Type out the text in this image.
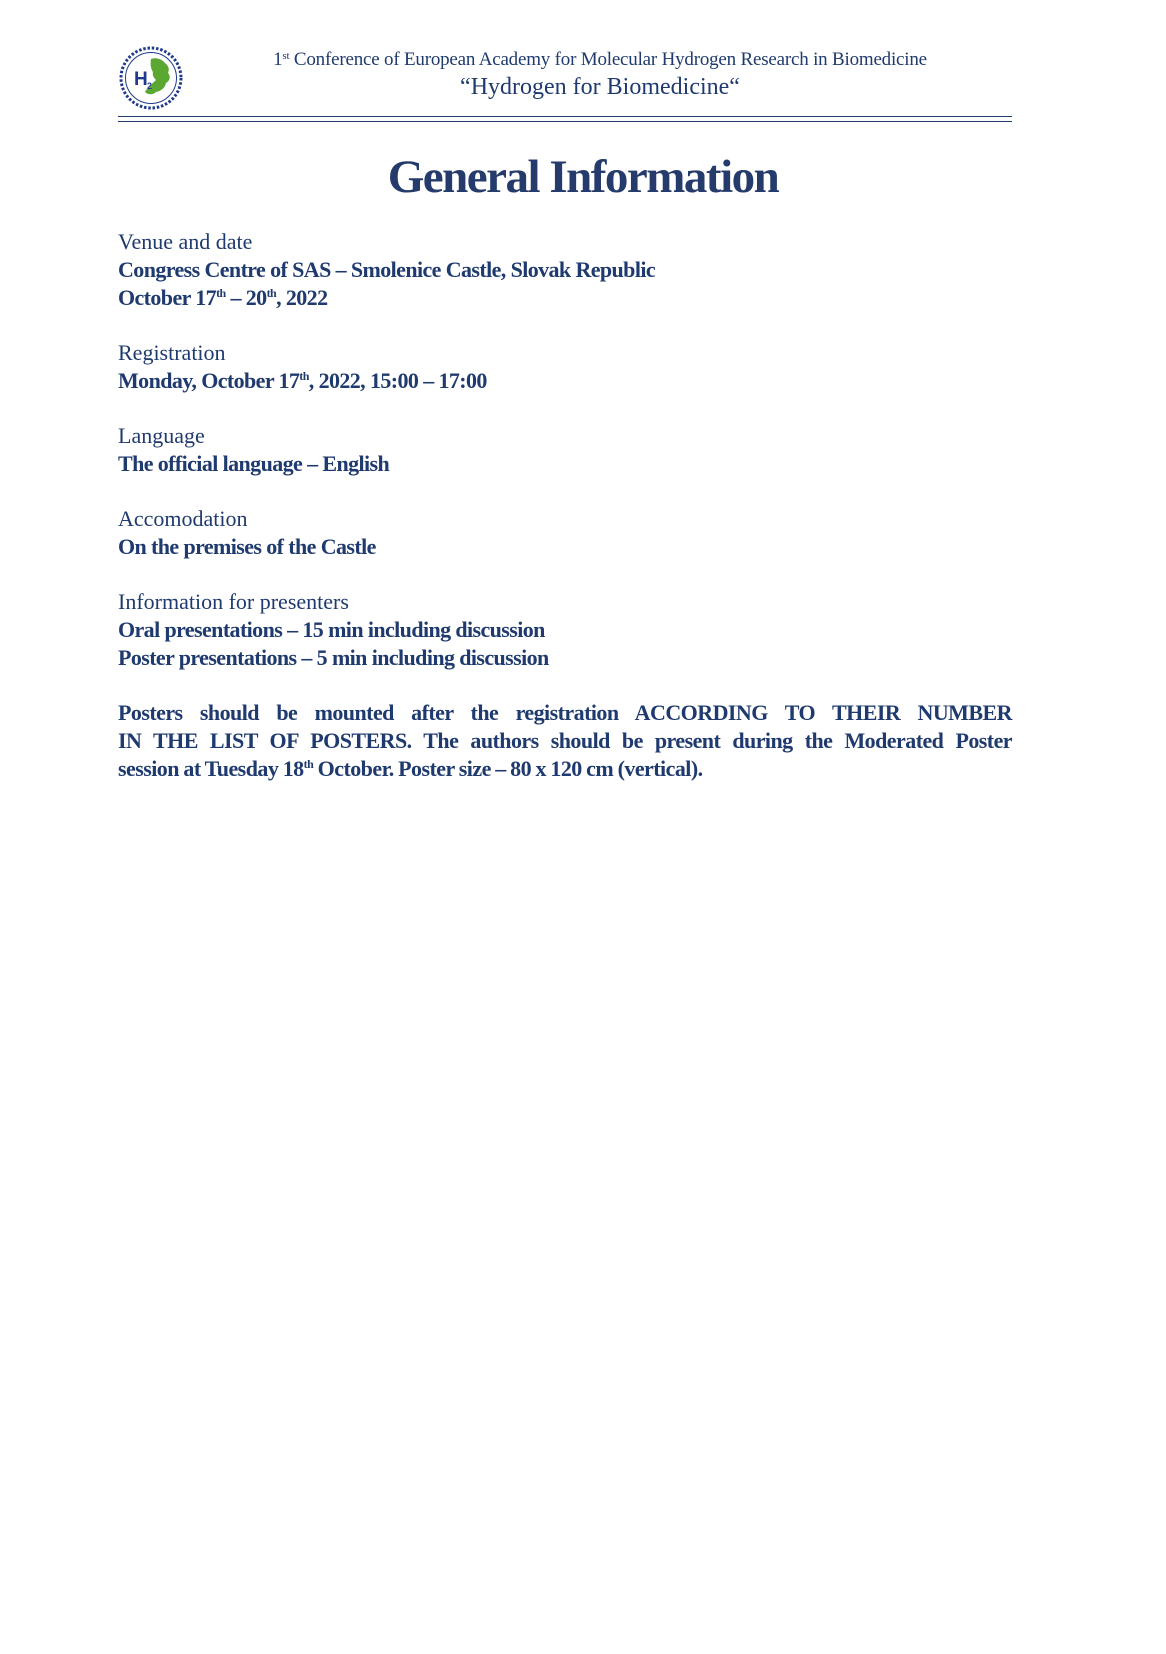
H 2
1st Conference of European Academy for Molecular Hydrogen Research in Biomedicine
“Hydrogen for Biomedicine“
General Information
Venue and date
Congress Centre of SAS – Smolenice Castle, Slovak Republic
October 17th – 20th, 2022
Registration
Monday, October 17th, 2022, 15:00 – 17:00
Language
The official language – English
Accomodation
On the premises of the Castle
Information for presenters
Oral presentations – 15 min including discussion
Poster presentations – 5 min including discussion
Posters should be mounted after the registration ACCORDING TO THEIR NUMBER
IN THE LIST OF POSTERS. The authors should be present during the Moderated Poster
session at Tuesday 18th October. Poster size – 80 x 120 cm (vertical).
